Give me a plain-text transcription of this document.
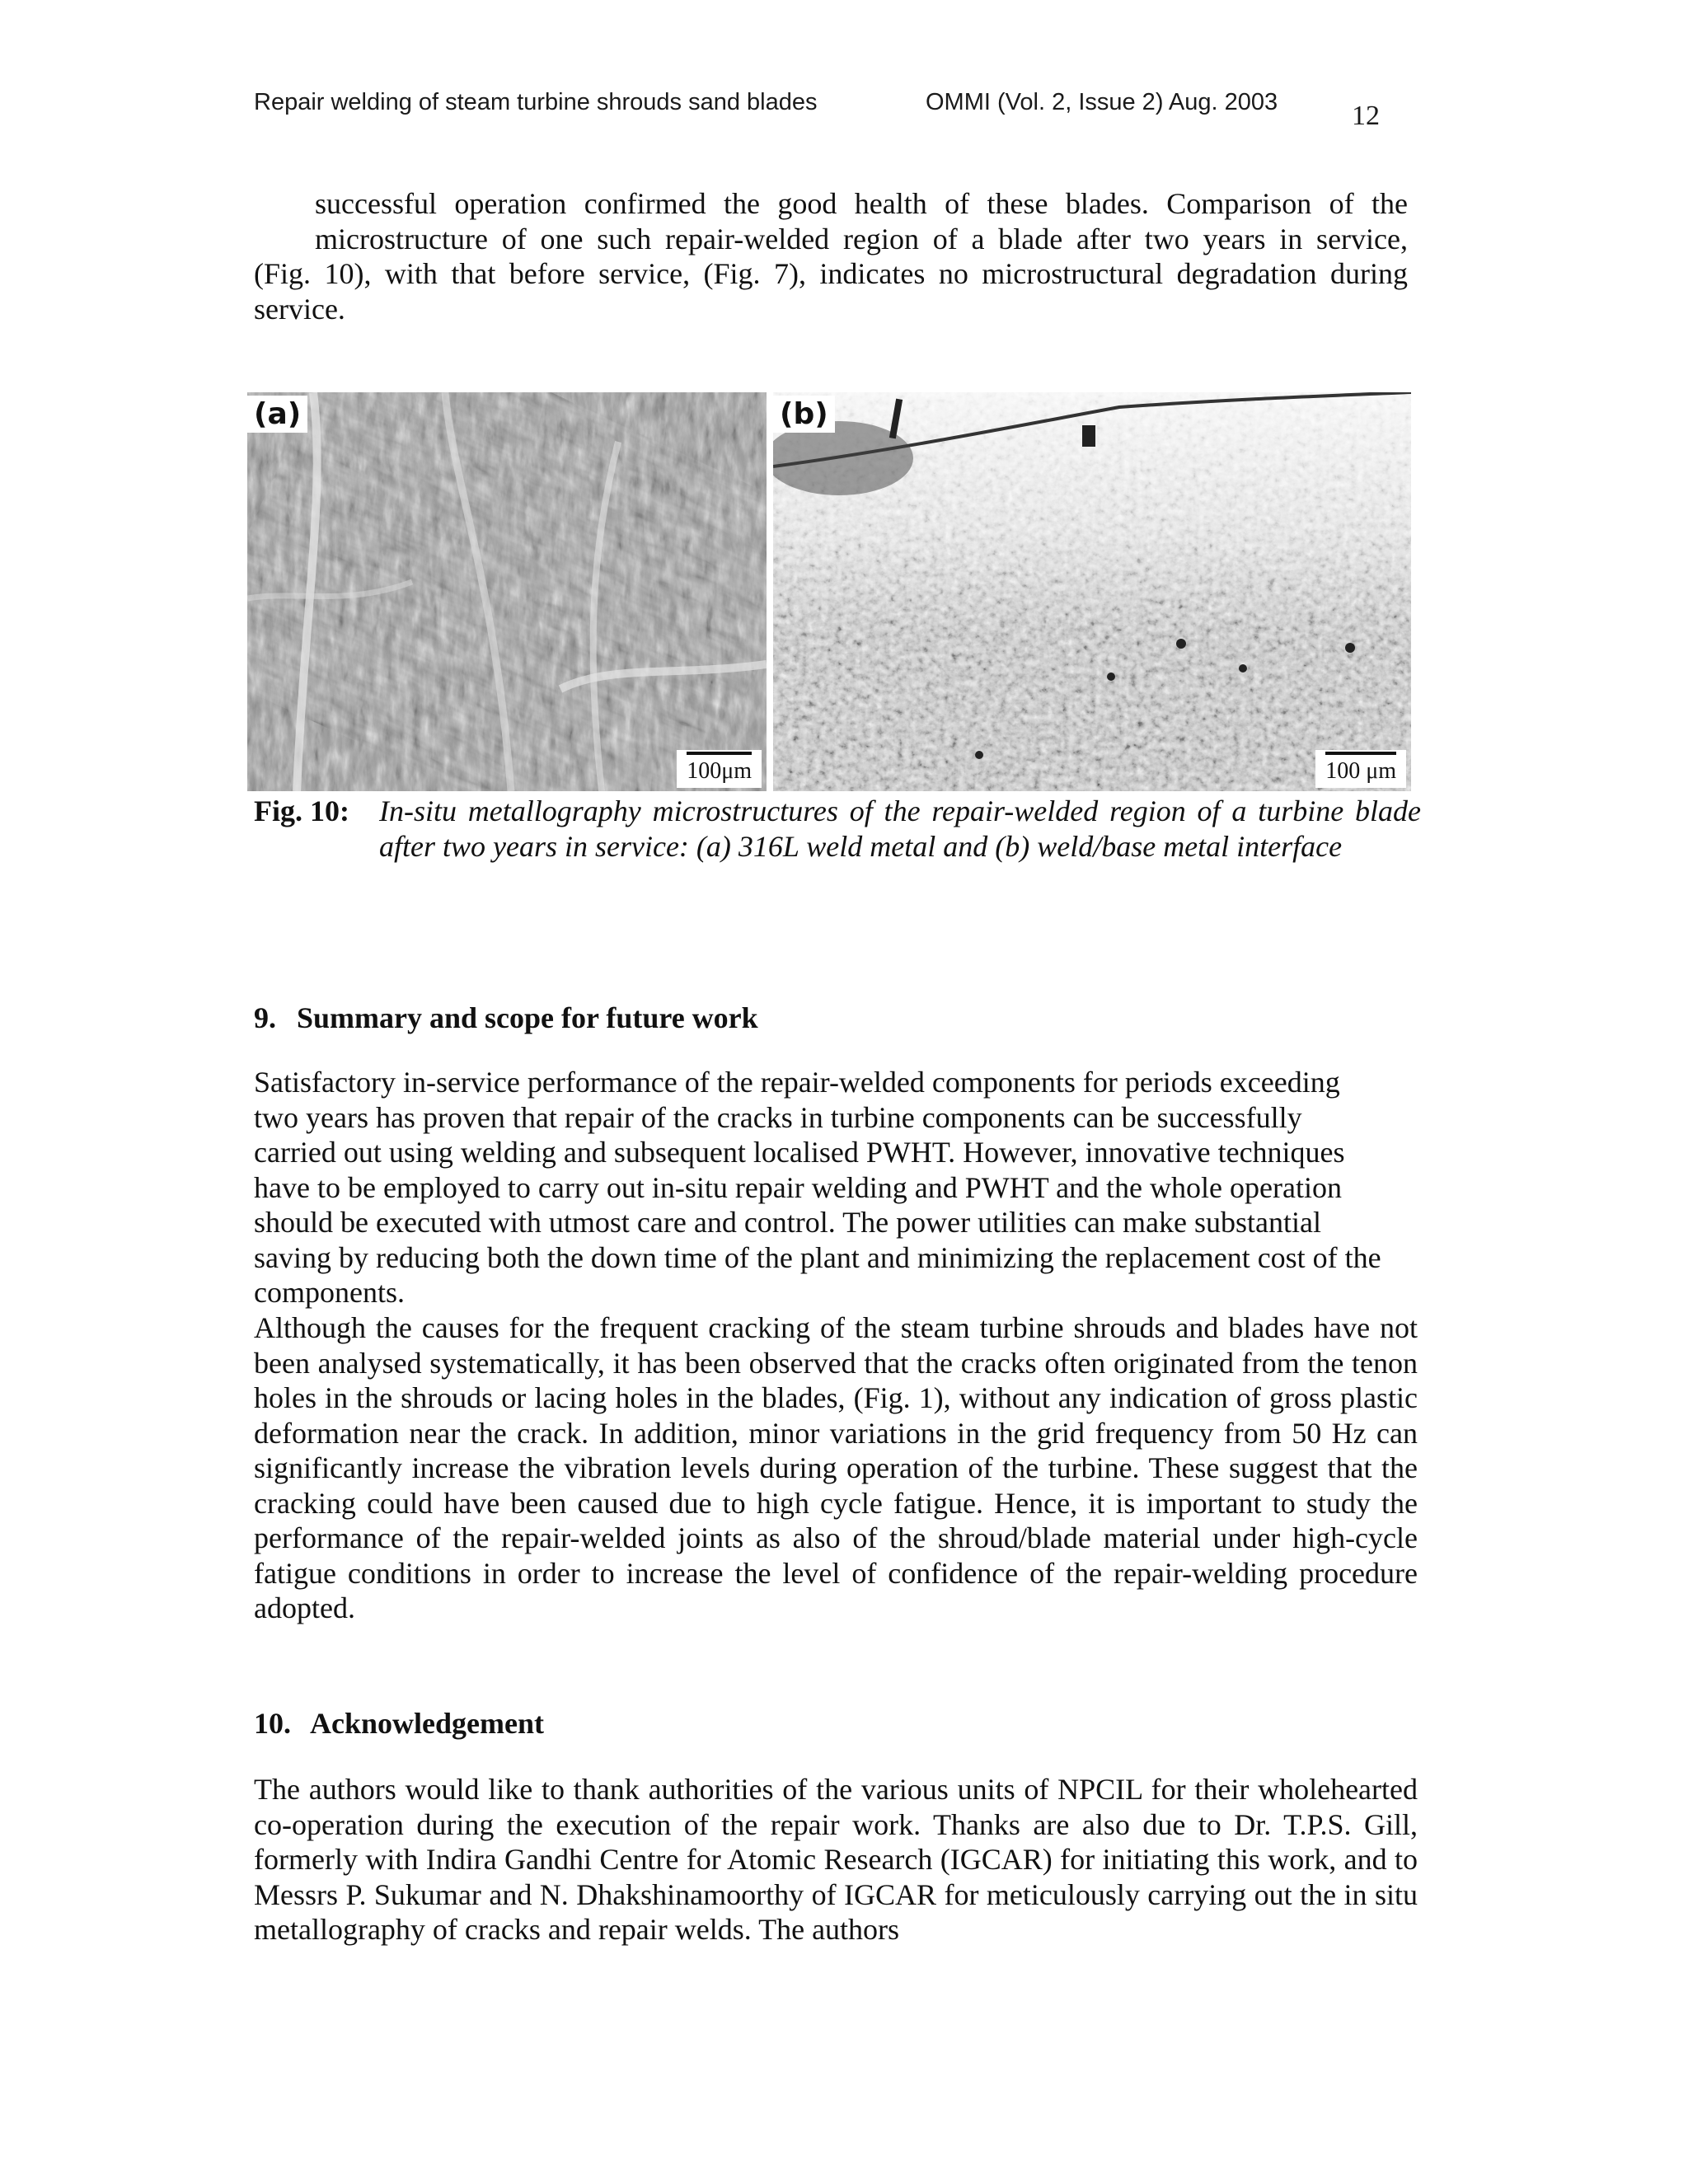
Repair welding of steam turbine shrouds sand blades	OMMI (Vol. 2, Issue 2) Aug. 2003	12
successful operation confirmed the good health of these blades. Comparison of the
microstructure of one such repair-welded region of a blade after two years in service,
(Fig. 10), with that before service, (Fig. 7), indicates no microstructural degradation during service.
(a)
100μm
(b)
100 μm
Fig. 10: In-situ metallography microstructures of the repair-welded region of a turbine blade after two years in service: (a) 316L weld metal and (b) weld/base metal interface
9. Summary and scope for future work
Satisfactory in-service performance of the repair-welded components for periods exceeding two years has proven that repair of the cracks in turbine components can be successfully carried out using welding and subsequent localised PWHT. However, innovative techniques have to be employed to carry out in-situ repair welding and PWHT and the whole operation should be executed with utmost care and control. The power utilities can make substantial saving by reducing both the down time of the plant and minimizing the replacement cost of the components.
Although the causes for the frequent cracking of the steam turbine shrouds and blades have not been analysed systematically, it has been observed that the cracks often originated from the tenon holes in the shrouds or lacing holes in the blades, (Fig. 1), without any indication of gross plastic deformation near the crack. In addition, minor variations in the grid frequency from 50 Hz can significantly increase the vibration levels during operation of the turbine. These suggest that the cracking could have been caused due to high cycle fatigue. Hence, it is important to study the performance of the repair-welded joints as also of the shroud/blade material under high-cycle fatigue conditions in order to increase the level of confidence of the repair-welding procedure adopted.
10. Acknowledgement
The authors would like to thank authorities of the various units of NPCIL for their wholehearted co-operation during the execution of the repair work. Thanks are also due to Dr. T.P.S. Gill, formerly with Indira Gandhi Centre for Atomic Research (IGCAR) for initiating this work, and to Messrs P. Sukumar and N. Dhakshinamoorthy of IGCAR for meticulously carrying out the in situ metallography of cracks and repair welds. The authors
